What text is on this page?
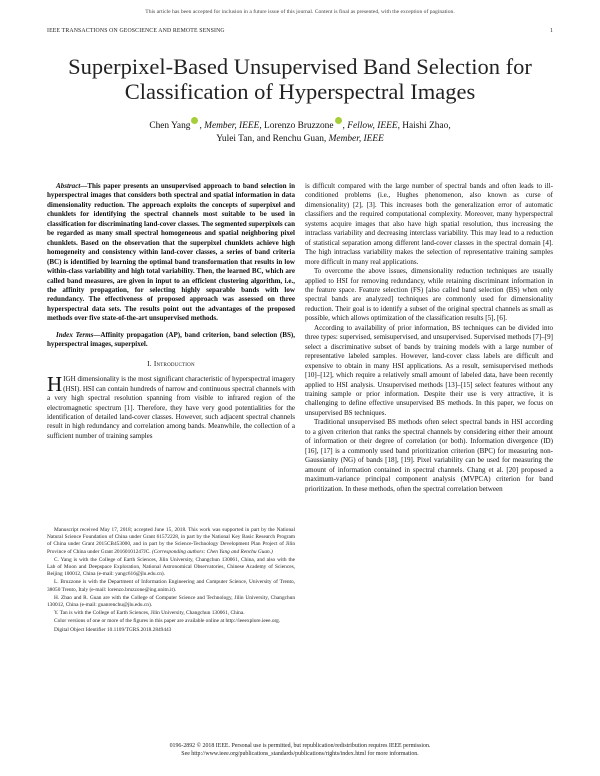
This article has been accepted for inclusion in a future issue of this journal. Content is final as presented, with the exception of pagination.
IEEE TRANSACTIONS ON GEOSCIENCE AND REMOTE SENSING	1
Superpixel-Based Unsupervised Band Selection for Classification of Hyperspectral Images
Chen Yang , Member, IEEE, Lorenzo Bruzzone , Fellow, IEEE, Haishi Zhao,
Yulei Tan, and Renchu Guan, Member, IEEE

Abstract—This paper presents an unsupervised approach to band selection in hyperspectral images that considers both spectral and spatial information in data dimensionality reduction. The approach exploits the concepts of superpixel and chunklets for identifying the spectral channels most suitable to be used in classification for discriminating land-cover classes. The segmented superpixels can be regarded as many small spectral homogeneous and spatial neighboring pixel chunklets. Based on the observation that the superpixel chunklets achieve high homogeneity and consistency within land-cover classes, a series of band criteria (BC) is identified by learning the optimal band transformation that results in low within-class variability and high total variability. Then, the learned BC, which are called band measures, are given in input to an efficient clustering algorithm, i.e., the affinity propagation, for selecting highly separable bands with low redundancy. The effectiveness of proposed approach was assessed on three hyperspectral data sets. The results point out the advantages of the proposed methods over five state-of-the-art unsupervised methods.

Index Terms—Affinity propagation (AP), band criterion, band selection (BS), hyperspectral images, superpixel.

I. Introduction

HIGH dimensionality is the most significant characteristic of hyperspectral imagery (HSI). HSI can contain hundreds of narrow and continuous spectral channels with a very high spectral resolution spanning from visible to infrared region of the electromagnetic spectrum [1]. Therefore, they have very good potentialities for the identification of detailed land-cover classes. However, such adjacent spectral channels result in high redundancy and correlation among bands. Meanwhile, the collection of a sufficient number of training samples

Manuscript received May 17, 2018; accepted June 15, 2018. This work was supported in part by the National Natural Science Foundation of China under Grant 61572228, in part by the National Key Basic Research Program of China under Grant 2015CB453000, and in part by the Science-Technology Development Plan Project of Jilin Province of China under Grant 20160101247JC. (Corresponding authors: Chen Yang and Renchu Guan.)

C. Yang is with the College of Earth Sciences, Jilin University, Changchun 130061, China, and also with the Lab of Moon and Deepspace Exploration, National Astronomical Observatories, Chinese Academy of Sciences, Beijing 100012, China (e-mail: yangc616@jlu.edu.cn).

L. Bruzzone is with the Department of Information Engineering and Computer Science, University of Trento, 38050 Trento, Italy (e-mail: lorenzo.bruzzone@ing.unitn.it).

H. Zhao and R. Guan are with the College of Computer Science and Technology, Jilin University, Changchun 130012, China (e-mail: guanrenchu@jlu.edu.cn).

Y. Tan is with the College of Earth Sciences, Jilin University, Changchun 130061, China.

Color versions of one or more of the figures in this paper are available online at http://ieeexplore.ieee.org.

Digital Object Identifier 10.1109/TGRS.2018.2849443

is difficult compared with the large number of spectral bands and often leads to ill-conditioned problems (i.e., Hughes phenomenon, also known as curse of dimensionality) [2], [3]. This increases both the generalization error of automatic classifiers and the required computational complexity. Moreover, many hyperspectral systems acquire images that also have high spatial resolution, thus increasing the intraclass variability and decreasing interclass variability. This may lead to a reduction of statistical separation among different land-cover classes in the spectral domain [4]. The high intraclass variability makes the selection of representative training samples more difficult in many real applications.

To overcome the above issues, dimensionality reduction techniques are usually applied to HSI for removing redundancy, while retaining discriminant information in the feature space. Feature selection (FS) [also called band selection (BS) when only spectral bands are analyzed] techniques are commonly used for dimensionality reduction. Their goal is to identify a subset of the original spectral channels as small as possible, which allows optimization of the classification results [5], [6].

According to availability of prior information, BS techniques can be divided into three types: supervised, semisupervised, and unsupervised. Supervised methods [7]–[9] select a discriminative subset of bands by training models with a large number of representative labeled samples. However, land-cover class labels are difficult and expensive to obtain in many HSI applications. As a result, semisupervised methods [10]–[12], which require a relatively small amount of labeled data, have been recently applied to HSI analysis. Unsupervised methods [13]–[15] select features without any training sample or prior information. Despite their use is very attractive, it is challenging to define effective unsupervised BS methods. In this paper, we focus on unsupervised BS techniques.

Traditional unsupervised BS methods often select spectral bands in HSI according to a given criterion that ranks the spectral channels by considering either their amount of information or their degree of correlation (or both). Information divergence (ID) [16], [17] is a commonly used band prioritization criterion (BPC) for measuring non-Gaussianity (NG) of bands [18], [19]. Pixel variability can be used for measuring the amount of information contained in spectral channels. Chang et al. [20] proposed a maximum-variance principal component analysis (MVPCA) criterion for band prioritization. In these methods, often the spectral correlation between

0196-2892 © 2018 IEEE. Personal use is permitted, but republication/redistribution requires IEEE permission.
See http://www.ieee.org/publications_standards/publications/rights/index.html for more information.
